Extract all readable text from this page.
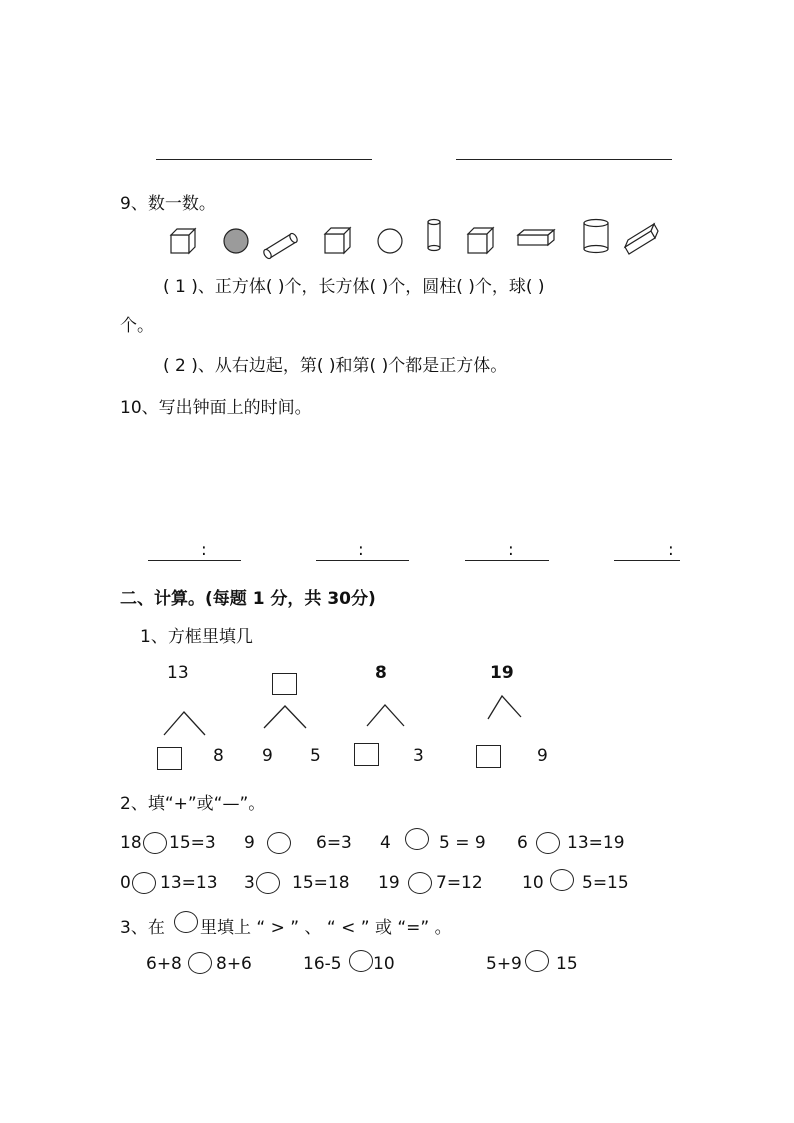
9、数一数。
( 1 )、正方体( )个，长方体( )个，圆柱( )个，球( )
个。
( 2 )、从右边起，第( )和第( )个都是正方体。
10、写出钟面上的时间。
:	:	:	:
二、计算。(每题 1 分，共 30分)
1、方框里填几
13	8	19
8 9 5	3	9
2、填“+”或“—”。
18 15=3 9	6=3 4	5 = 9 6 13=19
0 13=13 3 15=18 19 7=12 10 5=15
3、在 里填上 “ > ” 、 “ < ” 或 “=” 。
6+8 8+6	16-5 10	5+9 15
